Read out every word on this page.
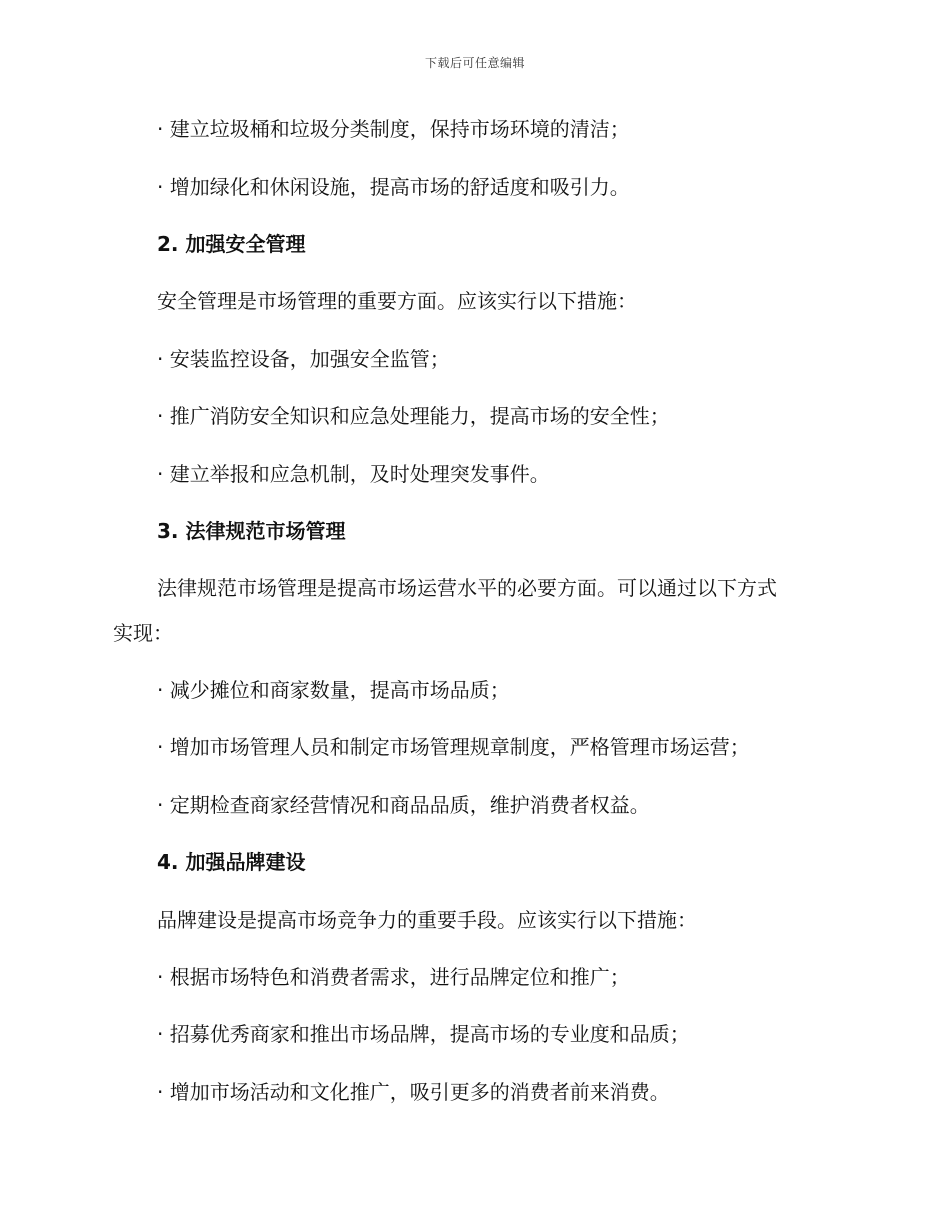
下载后可任意编辑
· 建立垃圾桶和垃圾分类制度，保持市场环境的清洁；
· 增加绿化和休闲设施，提高市场的舒适度和吸引力。
2. 加强安全管理
安全管理是市场管理的重要方面。应该实行以下措施：
· 安装监控设备，加强安全监管；
· 推广消防安全知识和应急处理能力，提高市场的安全性；
· 建立举报和应急机制，及时处理突发事件。
3. 法律规范市场管理
法律规范市场管理是提高市场运营水平的必要方面。可以通过以下方式
实现：
· 减少摊位和商家数量，提高市场品质；
· 增加市场管理人员和制定市场管理规章制度，严格管理市场运营；
· 定期检查商家经营情况和商品品质，维护消费者权益。
4. 加强品牌建设
品牌建设是提高市场竞争力的重要手段。应该实行以下措施：
· 根据市场特色和消费者需求，进行品牌定位和推广；
· 招募优秀商家和推出市场品牌，提高市场的专业度和品质；
· 增加市场活动和文化推广，吸引更多的消费者前来消费。
